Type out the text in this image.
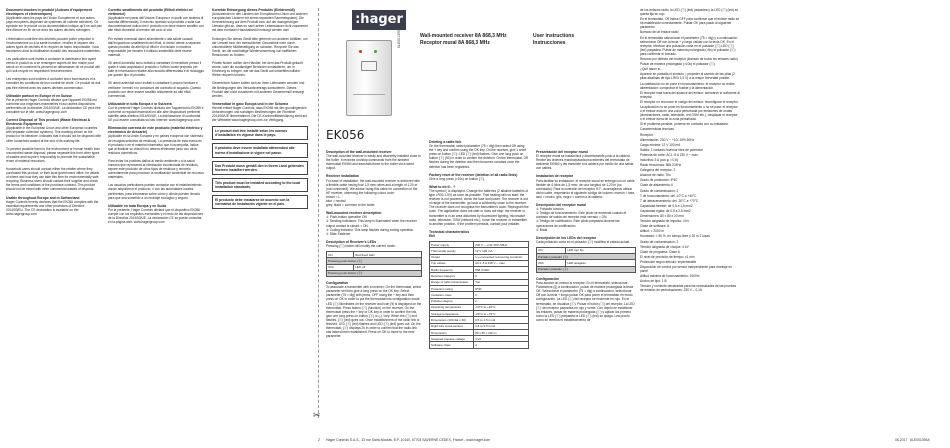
Document drucken in produkt (Auteurs d'équipement électriques et électroniques)
(Applicable dans les pays de l'Union Européenne et aux autres pays européens disposant de systèmes de collecte sélective). Ce symbole sur le produit ou sa documentation indique qu'il ne doit pas être éliminé en fin de vie avec les autres déchets ménagers.
L'élimination contrôlée des déchets pouvant porter préjudice à l'environnement ou à la santé humaine, veuillez le séparer des autres types de déchets et le recycler de façon responsable. Vous favoriserez ainsi la réutilisation durable des ressources matérielles.
Les particuliers sont invités à contacter le distributeur leur ayant vendu le produit ou à se renseigner auprès de leur mairie pour savoir où et comment ils peuvent se débarrasser de ce produit afin qu'il soit recyclé en respectant l'environnement.
Les entreprises sont invitées à contacter leurs fournisseurs et à consulter les conditions de leur contrat de vente. Ce produit ne doit pas être éliminé avec les autres déchets commerciaux.
Utilisable partout en Europe et en Suisse
Par la présente Hager Controls déclare que l'appareil EK056 est conforme aux exigences essentielles et aux autres dispositions pertinentes de la directive 2014/53/UE. La déclaration CE peut être consultée sur le site: www.hagergroup.com
Correct Disposal of This product (Waste Electrical & Electronic Equipment)
(Applicable in the European Union and other European countries with separate collection systems). This marking shown on the product or its literature, indicates that it should not be disposed with other household wasted at the end of its working life.
To prevent possible harm to the environment or human health from uncontrolled waste disposal, please separate this from other types of wastes and recycle it responsibly to promote the sustainable reuse of material resources.
Household users should contact either the retailer where they purchased this product, or their local government office, for details of where and how they can take this item for environmentally safe recycling. Business users should contact their supplier and check the terms and conditions of the purchase contract. This product should not be mixed with other commercial wastes of disposal.
Usable throughout Europe and in Switzerland
Hager Controls hereby declares that the EK056 complies with the essential requirements and other provisions of Directive 2014/53/EU. The CE declaration is available on the: www.hagergroup.com
Corretto smaltimento del prodotto (Rifiuti elettrici ed elettronici)
(Applicabile nei paesi dell'Unione Europea e in quelli con sistema di raccolta differenziata). Il marchio riportato sul prodotto o sulla sua documentazione indica che il prodotto non deve essere smaltito con altri rifiuti domestici al termine del ciclo di vita.
Per evitare eventuali danni all'ambiente o alla salute causati dall'inopportuno smaltimento dei rifiuti, si invita l'utente a separare questo prodotto da altri tipi di rifiuti e di riciclarlo in maniera responsabile per favorire il riutilizzo sostenibile delle risorse materiali.
Gli utenti domestici sono invitati a contattare il rivenditore presso il quale è stato acquistato il prodotto o l'ufficio locale preposto per tutte le informazioni relative alla raccolta differenziata e al riciclaggio per questo tipo di prodotto.
Gli utenti aziendali sono invitati a contattare il proprio fornitore e verificare i termini e le condizioni del contratto di acquisto. Questo prodotto non deve essere smaltito unitamente ad altri rifiuti commerciali.
Utilizzabile in tutta Europa e in Svizzera
Con la presente Hager Controls dichiara che l'apparecchio EK056 è conforme ai requisiti essenziali ed alle altre disposizioni pertinenti stabilite dalla direttiva 2014/53/UE. La dichiarazione di conformità UE può essere consultata sul sito Internet: www.hagergroup.com
Eliminación correcta de este producto (material eléctrico y electrónico de descarte)
(Aplicable en la Unión Europea y en países europeos con sistemas de recogida selectiva de residuos). La presencia de esta marca en el producto o en el material informativo que lo acompaña, indica que al finalizar su vida útil no deberá eliminarse junto con otros residuos domésticos.
Para evitar los posibles daños al medio ambiente o a la salud humana que representa la eliminación incontrolada de residuos, separe este producto de otros tipos de residuos y recíclelo correctamente para promover la reutilización sostenible de recursos materiales.
Los usuarios particulares pueden contactar con el establecimiento donde adquirieron el producto, o con las autoridades locales pertinentes, para informarse sobre cómo y dónde pueden llevarlo para que sea sometido a un reciclaje ecológico y seguro.
Utilizable en toda Europa y en Suiza
Por la presente, Hager Controls declara que el dispositivo EK056 cumple con los requisitos esenciales y el resto de las disposiciones de la Directiva 2014/53/UE. La declaración CE se puede consultar en la página web: www.hagergroup.com
Korrekte Entsorgung dieses Produkts (Elektromüll)
(Anzuwenden in den Ländern der Europäischen Union und anderen europäischen Ländern mit einem separaten Sammelsystem). Die Kennzeichnung auf dem Produkt bzw. auf der dazugehörigen Literatur gibt an, dass es nach seiner Lebensdauer nicht zusammen mit dem normalen Haushaltsmüll entsorgt werden darf.
Entsorgen Sie dieses Gerät bitte getrennt von anderen Abfällen, um der Umwelt bzw. der menschlichen Gesundheit nicht durch unkontrollierte Müllbeseitigung zu schaden. Recyceln Sie das Gerät, um die nachhaltige Wiederverwertung von stofflichen Ressourcen zu fördern.
Private Nutzer sollten den Händler, bei dem das Produkt gekauft wurde, oder die zuständigen Behörden kontaktieren, um in Erfahrung zu bringen, wie sie das Gerät auf umweltfreundliche Weise recyceln können.
Gewerbliche Nutzer sollten sich an Ihren Lieferanten wenden und die Bedingungen des Verkaufsvertrags konsultieren. Dieses Produkt darf nicht zusammen mit anderem Gewerbemüll entsorgt werden.
Verwendbar in ganz Europa und in der Schweiz
Hiermit erklärt Hager Controls, dass EK056 mit den grundlegenden Anforderungen und sonstigen Bestimmungen der Richtlinie 2014/53/UE übereinstimmt. Die CE-Konformitätserklärung steht auf der Webseite www.hagergroup.com zur Verfügung.
Le produit doit être installé selon les normes d'installation en vigueur dans le pays.
Il prodotto deve essere installato attenendosi alle norme d'installazione in vigore nel paese.
Das Produkt muss gemäß den in Ihrem Land geltenden Normen installiert werden.
This product must be installed according to the local installation standards.
El producto debe instalarse de acuerdo con la normativa de instalación vigente en el país.
✂
:hager
6LE001395A
EK056
Wall-mounted receiver 8A 868,3 MHz
Receptor mural 8A 868,3 MHz
User instructions
Instrucciones
Description of the wall-mounted receiver
The wall-mounted receiver is easily and discreetly installed close to the boiler. It receives run/stop commands from the ambient thermostat EK560 and transmits these to the boiler via a wired output.
Receiver installation
For ease of installation, the wall-mounted receiver is delivered with a flexible cable having four 1.5 mm² wires and a length of 1.20 m (not connected). We advise using this cable for connection of the HF receiver, observing the following colour code:
brown = L
blue = neutral
grey, black = common to the boiler.
Wall-mounted receiver description
① Push-button operation ON
② Sending indicators: This lamp is illuminated when the receiver output contact is closed = ON.
③ Coding indicator. This lamp flashes during coding operation.
④ Slide Fastener.
Description of Receiver's LEDs
Pressing (Ⓘ) button will modify the current mode.
ON	Red fixed LED
Pressing push-button (Ⓘ)	
OFF	LED off
Pressing push-button (Ⓘ)	
Configuration
To associate a transmitter with a receiver: On the thermostat, select parameter set then give a long press on the OK key. Select parameter (75 = dig) with press, OFF using the + key and then press on OK in order to put the thermostat into configuration mode. LED (Ⓘ) illuminates on the receiver and icon (¥) is displayed on the thermostat. Press button (Ⓘ) (function) on the receiver. On the thermostat press the + key or OK key in order to confirm the link, give one long press on button (Ⓘ) or (-) / key. When the (Ⓘ) end flashes, (Ⓘ) (led) goes out. Once establishment of the radio link is finished, LED (Ⓘ) (led) flashes and LED (Ⓘ) (led) goes out. On the thermostat, (Ⓘ) displays 2h in order to confirm that the radio-link has indeed been established. Press on OK to move to the next parameter.
Deleting a radio link
On the thermostat, select parameter (75 = dig) then select Off using the + key and confirm using the OK key. On the receiver, give 1 short press on button (Ⓘ): LED (Ⓘ) (led) flashes. Give one long push on button (Ⓘ) (50) in order to confirm the deletion. On the thermostat, Off flashes during the deletion and then becomes constant once the deletion has been registered.
Factory reset of the receiver (deletion of all radio links)
Give a long press (>10s) on button (Ⓘ).
What to do if... ?
The symbol ¦ is displayed: Change the batteries (2 alkaline batteries of type LR03 1.5V) as soon as possible. That heating will not start: the receiver is not powered, check the fuse and power. The receiver is out of range of the transmitter, go back a sufficiently close to the receiver. The receiver does not recognise the transmitter's code: Reprogram the code. The application does not start or does not stop: the receiver or transmitter is in an area disturbed by fluorescent lighting, microwave radio, television, GSM (network etc.), move the receiver or transmitter to another position. If the problem persists, contact your installer.
Technical characteristics
Ek0
Power supply	230 V ~ +10/-15% 50Hz
Thermostat supply	12 V 100 mA
Output	1 µ-connected recovering contactor
Trip values	AC1: 8 A 230 V ~ max.
Radio frequency	868,3 MHz
Receiver category	2
Range of radio transmission	Trio
Protection rating	IP40
Insulation class	II
Pollution degree	2
Operating temperature	-10°C to +40°C
Storage temperature	-20°C to +70°C
Dimensions (100 dia x 40)	0.5 to 1.5 mm2
Rigid wire cross-section	0.5 to 2.5 mm2
Dimensions	80 x 80 x 20mm
Assigned impulse voltage	4 kV
Software class	A
Presentación del receptor mural
El receptor mural se instala fácil y discretamente junto a la caldera. Recibe las órdenes marcha/parada procedentes del termostato de ambiente EK560 y las transmite a la caldera por medio de una salida con cables.
Instalación de receptor
Para facilitar su instalación, el receptor mural se entrega con un cable flexible de 4 hilos de 1,5 mm², de una longitud de 1,20 m (no conectado). Para la conexión del receptor H.F., aconsejamos utilizar dicho cable, respetando el siguiente código de colores: marrón = fase, azul = neutro, gris, negro = común a la caldera.
Descripción del receptor mural
① Pulsador función
② Testigo de funcionamiento. Este piloto se enciende cuando el contacto de salida del receptor está cerrado = ON.
③ Testigo de codificación. Este piloto parpadea durante las operaciones de codificación.
④ Brida
Descripción de los LEDs del receptor
Cada pulsación corta en el pulsador (Ⓘ) modifica el estado actual.
ON	LED rojo fijo
Pulsador pulsador (Ⓘ)	
OFF	LED apagado
Pulsador pulsador (Ⓘ)	
Configuración
Para asociar un emisor al receptor: En el termostato, seleccionar Parámetros (§) a continuación, pulsar de manera prolongada la tecla OK. Seleccionar el parámetro (75 = dig) a continuación, seleccionar Off con la tecla + luego pulsar OK para poner el termostato en modo configuración. La LED (Ⓘ) del receptor se enciende en rojo. En el termostato, se visualiza (Ⓘ). Pulsar el botón (Ⓘ) del receptor. La LED (Ⓘ) del receptor parpadea en rojo y verde. Con objeto de establecer los enlaces, pulsar de manera prolongada (Ⓘ) y aplicar los primero como la LED (Ⓘ) parpadea la LED (Ⓘ) (led) se apaga. Lea pronto como se termina el establecimiento de
de los enlaces radio, la LED (Ⓘ) (led) parpadea y la LED (Ⓘ) (led) se queda fija en rojo.
En el termostato, Off indica OFF para confirmar que el enlace radio se ha establecido correctamente. Pulsar OK para pasar al siguiente parámetro.
Borrado de un enlace radio
En el termostato seleccionar el parámetro (75 = dig) y a continuación seleccionar Off con la tecla + y luego validar con la tecla OK. En el receptor, efectuar una pulsación corta en el pulsador (Ⓘ) LED (Ⓘ) (led) parpadea. Pulsar de manera prolongada (>5s) el pulsador (Ⓘ) para confirmar el borrado.
Retorno por defecto del receptor (borrado de todos los enlaces radio)
Pulsar de manera prolongada (>10s) el pulsador (Ⓘ).
¿Qué hacer si...
Aparece en pantalla el símbolo ¦: proceder al cambio de las pilas (2 pilas alcalinas de tipo LR03 1,5 V) a la mayor brevedad posible.
La calefacción no se pone en funcionamiento: el receptor no recibe alimentación: comprobar el fusible y la alimentación.
El receptor está fuera del alcance del emisor: acercarse lo suficiente al receptor.
El receptor no reconoce el código del emisor: reconfigurar el receptor.
La aplicación no se pone en funcionamiento o no se para: el receptor o el emisor está en una zona perturbada por emisiones de ondas (iluminaciones, radio, televisión, red GSM etc.), desplazar el receptor o el emisor fuera de la zona perturbada.
Si el problema persiste, ponerse en contacto con su instalador.
Características técnicas
Receptor
Alimentación: 230 V ~ +10/-15% 50Hz
Carga mínima: 12 V 100 mA
Salida: 1 contacto inversor libre de potencial
Potencia de corte: AC1: 8 A 230 V ~ máx.
Inductiva: 3 A (cos φ = 0,6)
Radio frecuencia: 868,3 MHz
Categoría del receptor: 2
Alcance de radio: Trio
Grado de protección: IP40
Clase de aislamiento: II
Grado de contaminación: 2
T de funcionamiento: del -10°C a +40°C
T de almacenamiento: del -20°C a +70°C
Capacidad flexible: de 0,5 a 1,5 mm2
Capacidad rígida: de 0,5 a 2,5 mm2
Dimensiones: 80 x 80 x 20 mm
Tensión asignada de impulso: 4 kV
Clase de software: A
Altitud: < 2000 m
Humedad: < 95 %, en campo libre y 20 m 2 losas
Grado de contaminación: 2
Tensión asignada de choque: 4 kV
Clase de programa: Clase A
El nivel de precisión de tiempo: ±1 min
Protección según artículo: impermeable
Disposición de control por sensor independiente para montaje en panel
Altitud máxima de funcionamiento: 2000m
Acción de tipo: 1.B
Tensión y corriente declaradas para las necesidades de las pruebas de emisión de perturbaciones: 230 V – 0,1A
2 Hager Controls S.A.S., 33 rue Saint-Nicolas, B.P. 10140, 67703 SAVERNE CEDEX, France - www.hager.com	06.2017 6LE001395A
